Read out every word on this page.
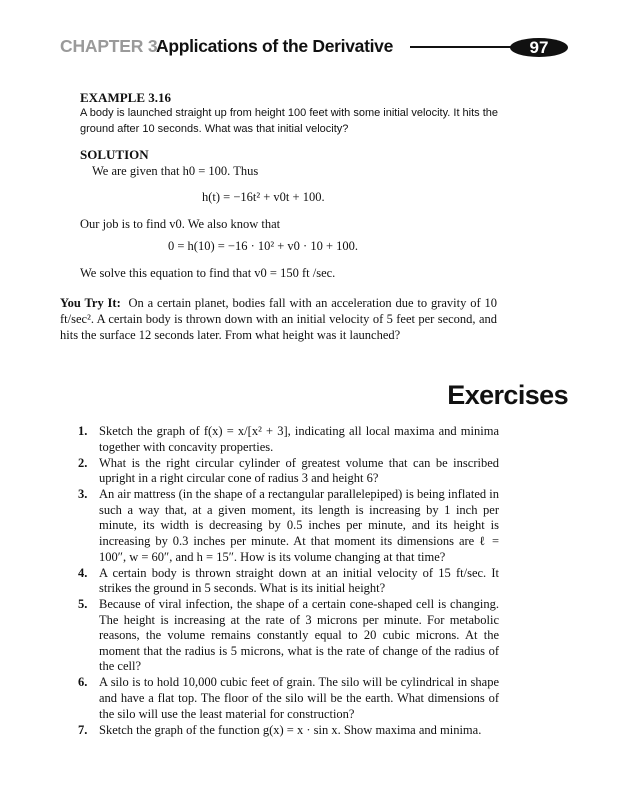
CHAPTER 3
Applications of the Derivative	97
EXAMPLE 3.16
A body is launched straight up from height 100 feet with some initial velocity. It hits the ground after 10 seconds. What was that initial velocity?
SOLUTION
We are given that h0 = 100. Thus
h(t) = −16t² + v0t + 100.
Our job is to find v0. We also know that
0 = h(10) = −16 · 10² + v0 · 10 + 100.
We solve this equation to find that v0 = 150 ft /sec.
You Try It: On a certain planet, bodies fall with an acceleration due to gravity of 10 ft/sec². A certain body is thrown down with an initial velocity of 5 feet per second, and hits the surface 12 seconds later. From what height was it launched?
Exercises
1. Sketch the graph of f(x) = x/[x² + 3], indicating all local maxima and minima together with concavity properties.
2. What is the right circular cylinder of greatest volume that can be inscribed upright in a right circular cone of radius 3 and height 6?
3. An air mattress (in the shape of a rectangular parallelepiped) is being inflated in such a way that, at a given moment, its length is increasing by 1 inch per minute, its width is decreasing by 0.5 inches per minute, and its height is increasing by 0.3 inches per minute. At that moment its dimensions are ℓ = 100″, w = 60″, and h = 15″. How is its volume changing at that time?
4. A certain body is thrown straight down at an initial velocity of 15 ft/sec. It strikes the ground in 5 seconds. What is its initial height?
5. Because of viral infection, the shape of a certain cone-shaped cell is changing. The height is increasing at the rate of 3 microns per minute. For metabolic reasons, the volume remains constantly equal to 20 cubic microns. At the moment that the radius is 5 microns, what is the rate of change of the radius of the cell?
6. A silo is to hold 10,000 cubic feet of grain. The silo will be cylindrical in shape and have a flat top. The floor of the silo will be the earth. What dimensions of the silo will use the least material for construction?
7. Sketch the graph of the function g(x) = x · sin x. Show maxima and minima.
